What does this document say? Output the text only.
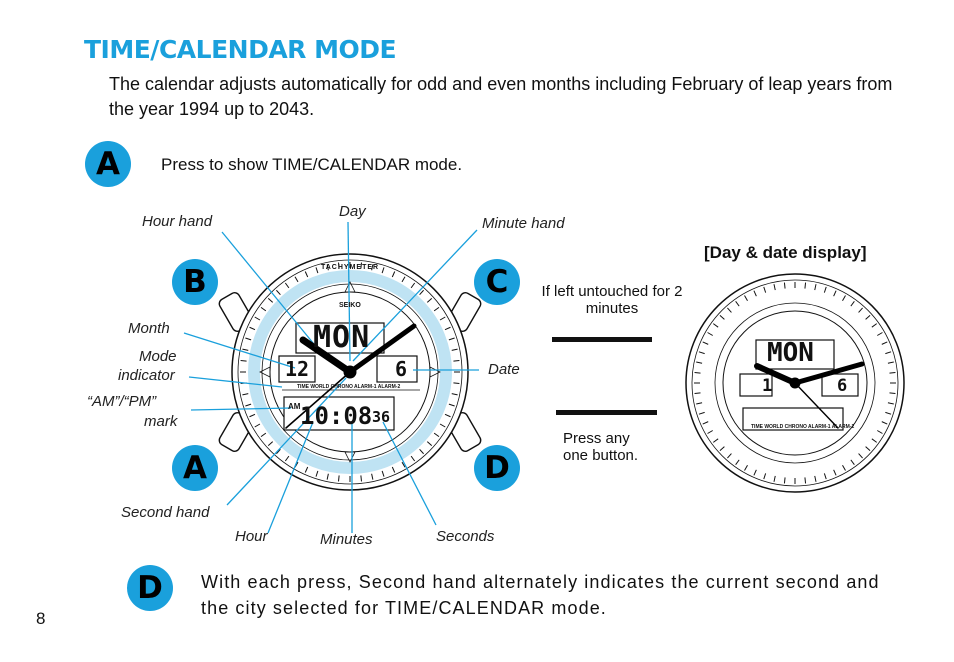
TIME/CALENDAR MODE
The calendar adjusts automatically for odd and even months including February of leap years from the year 1994 up to 2043.
A	Press to show TIME/CALENDAR mode.
MON
12	6
10:08 36
AM
TIME WORLD CHRONO ALARM-1 ALARM-2
SEIKO
TACHYMETER
MON
1	6
TIME WORLD CHRONO ALARM-1 ALARM-2
B	C
A	D
Hour hand
Day
Minute hand
Month
Mode
indicator	Date
“AM”/“PM”
mark
Second hand
Hour	Minutes	Seconds
If left untouched for 2 minutes
Press any one button.
[Day & date display]
D	With each press, Second hand alternately indicates the current second and the city selected for TIME/CALENDAR mode.
8
